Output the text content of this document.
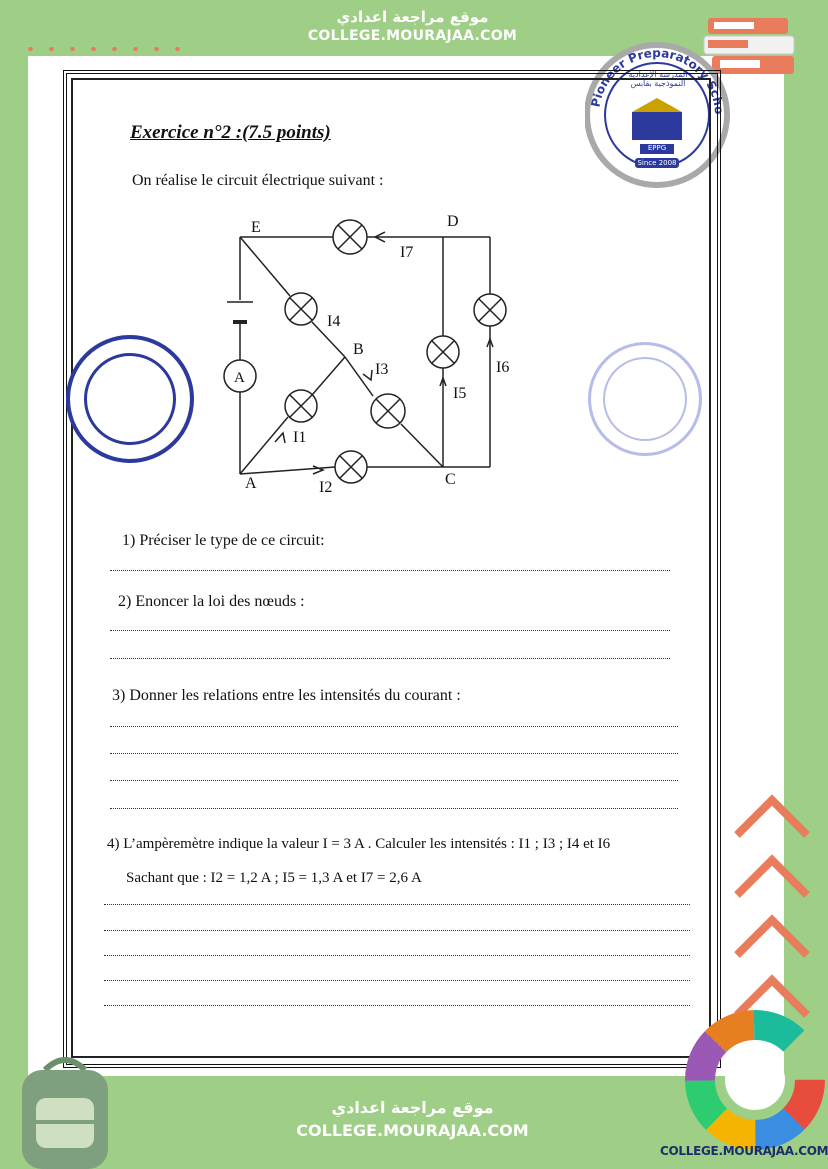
موقع مراجعة اعدادي
COLLEGE.MOURAJAA.COM
Pioneer Preparatory Scho
المدرسة الإعدادية النموذجية بقابس
EPPG
Since 2008
Exercice n°2 :(7.5 points)
On réalise le circuit électrique suivant :
E	D
B
A	C
A
I7
I4
I3
I1
I2
I5
I6
1) Préciser le type de ce circuit:
2) Enoncer la loi des nœuds :
3) Donner les relations entre les intensités du courant :
4) L’ampèremètre indique la valeur I = 3 A . Calculer les intensités : I1 ; I3 ; I4 et I6
Sachant que : I2 = 1,2 A ; I5 = 1,3 A et I7 = 2,6 A
موقع مراجعة اعدادي
COLLEGE.MOURAJAA.COM
COLLEGE.MOURAJAA.COM
